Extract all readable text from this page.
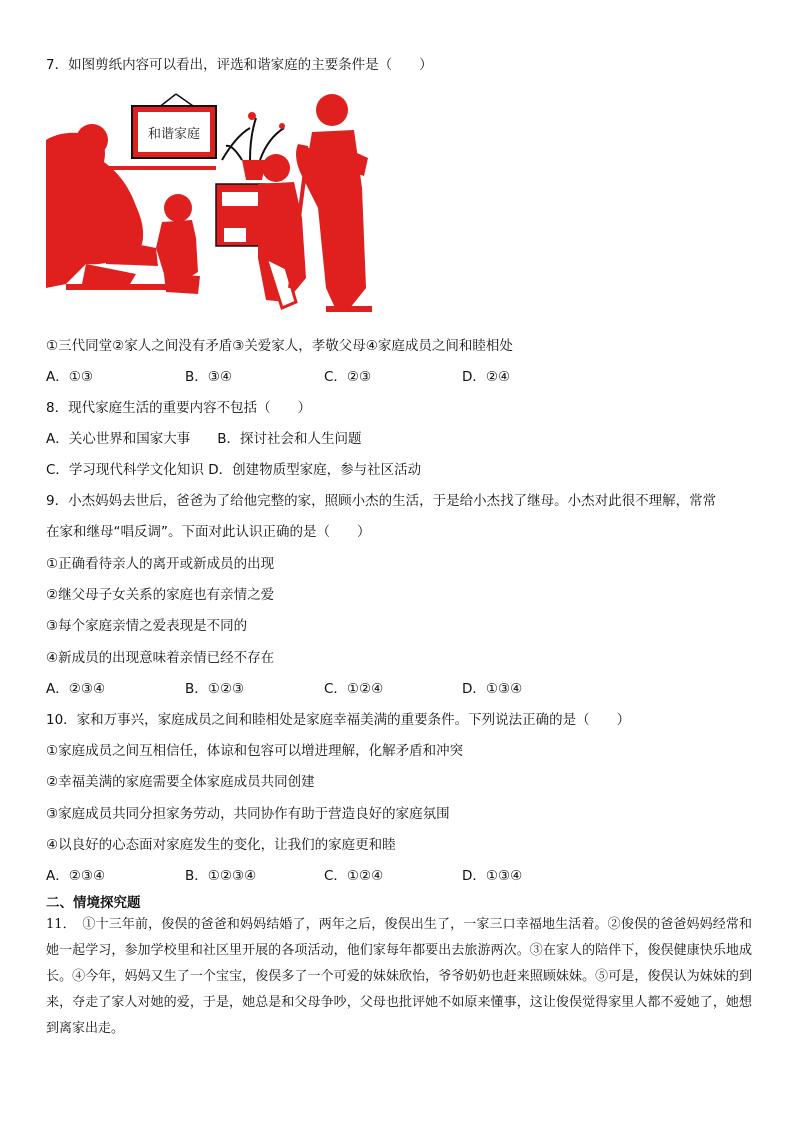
7．如图剪纸内容可以看出，评选和谐家庭的主要条件是（　　）
和谐家庭
①三代同堂②家人之间没有矛盾③关爱家人，孝敬父母④家庭成员之间和睦相处
A．①③	B．③④	C．②③	D．②④
8．现代家庭生活的重要内容不包括（　　）
A．关心世界和国家大事　　B．探讨社会和人生问题
C．学习现代科学文化知识 D．创建物质型家庭，参与社区活动
9．小杰妈妈去世后，爸爸为了给他完整的家，照顾小杰的生活，于是给小杰找了继母。小杰对此很不理解，常常
在家和继母“唱反调”。下面对此认识正确的是（　　）
①正确看待亲人的离开或新成员的出现
②继父母子女关系的家庭也有亲情之爱
③每个家庭亲情之爱表现是不同的
④新成员的出现意味着亲情已经不存在
A．②③④	B．①②③	C．①②④	D．①③④
10．家和万事兴，家庭成员之间和睦相处是家庭幸福美满的重要条件。下列说法正确的是（　　）
①家庭成员之间互相信任，体谅和包容可以增进理解，化解矛盾和冲突
②幸福美满的家庭需要全体家庭成员共同创建
③家庭成员共同分担家务劳动，共同协作有助于营造良好的家庭氛围
④以良好的心态面对家庭发生的变化，让我们的家庭更和睦
A．②③④	B．①②③④	C．①②④	D．①③④
二、情境探究题
11．　①十三年前，俊俣的爸爸和妈妈结婚了，两年之后，俊俣出生了，一家三口幸福地生活着。②俊俣的爸爸妈妈经常和她一起学习，参加学校里和社区里开展的各项活动，他们家每年都要出去旅游两次。③在家人的陪伴下，俊俣健康快乐地成长。④今年，妈妈又生了一个宝宝，俊俣多了一个可爱的妹妹欣怡，爷爷奶奶也赶来照顾妹妹。⑤可是，俊俣认为妹妹的到来，夺走了家人对她的爱，于是，她总是和父母争吵，父母也批评她不如原来懂事，这让俊俣觉得家里人都不爱她了，她想到离家出走。
